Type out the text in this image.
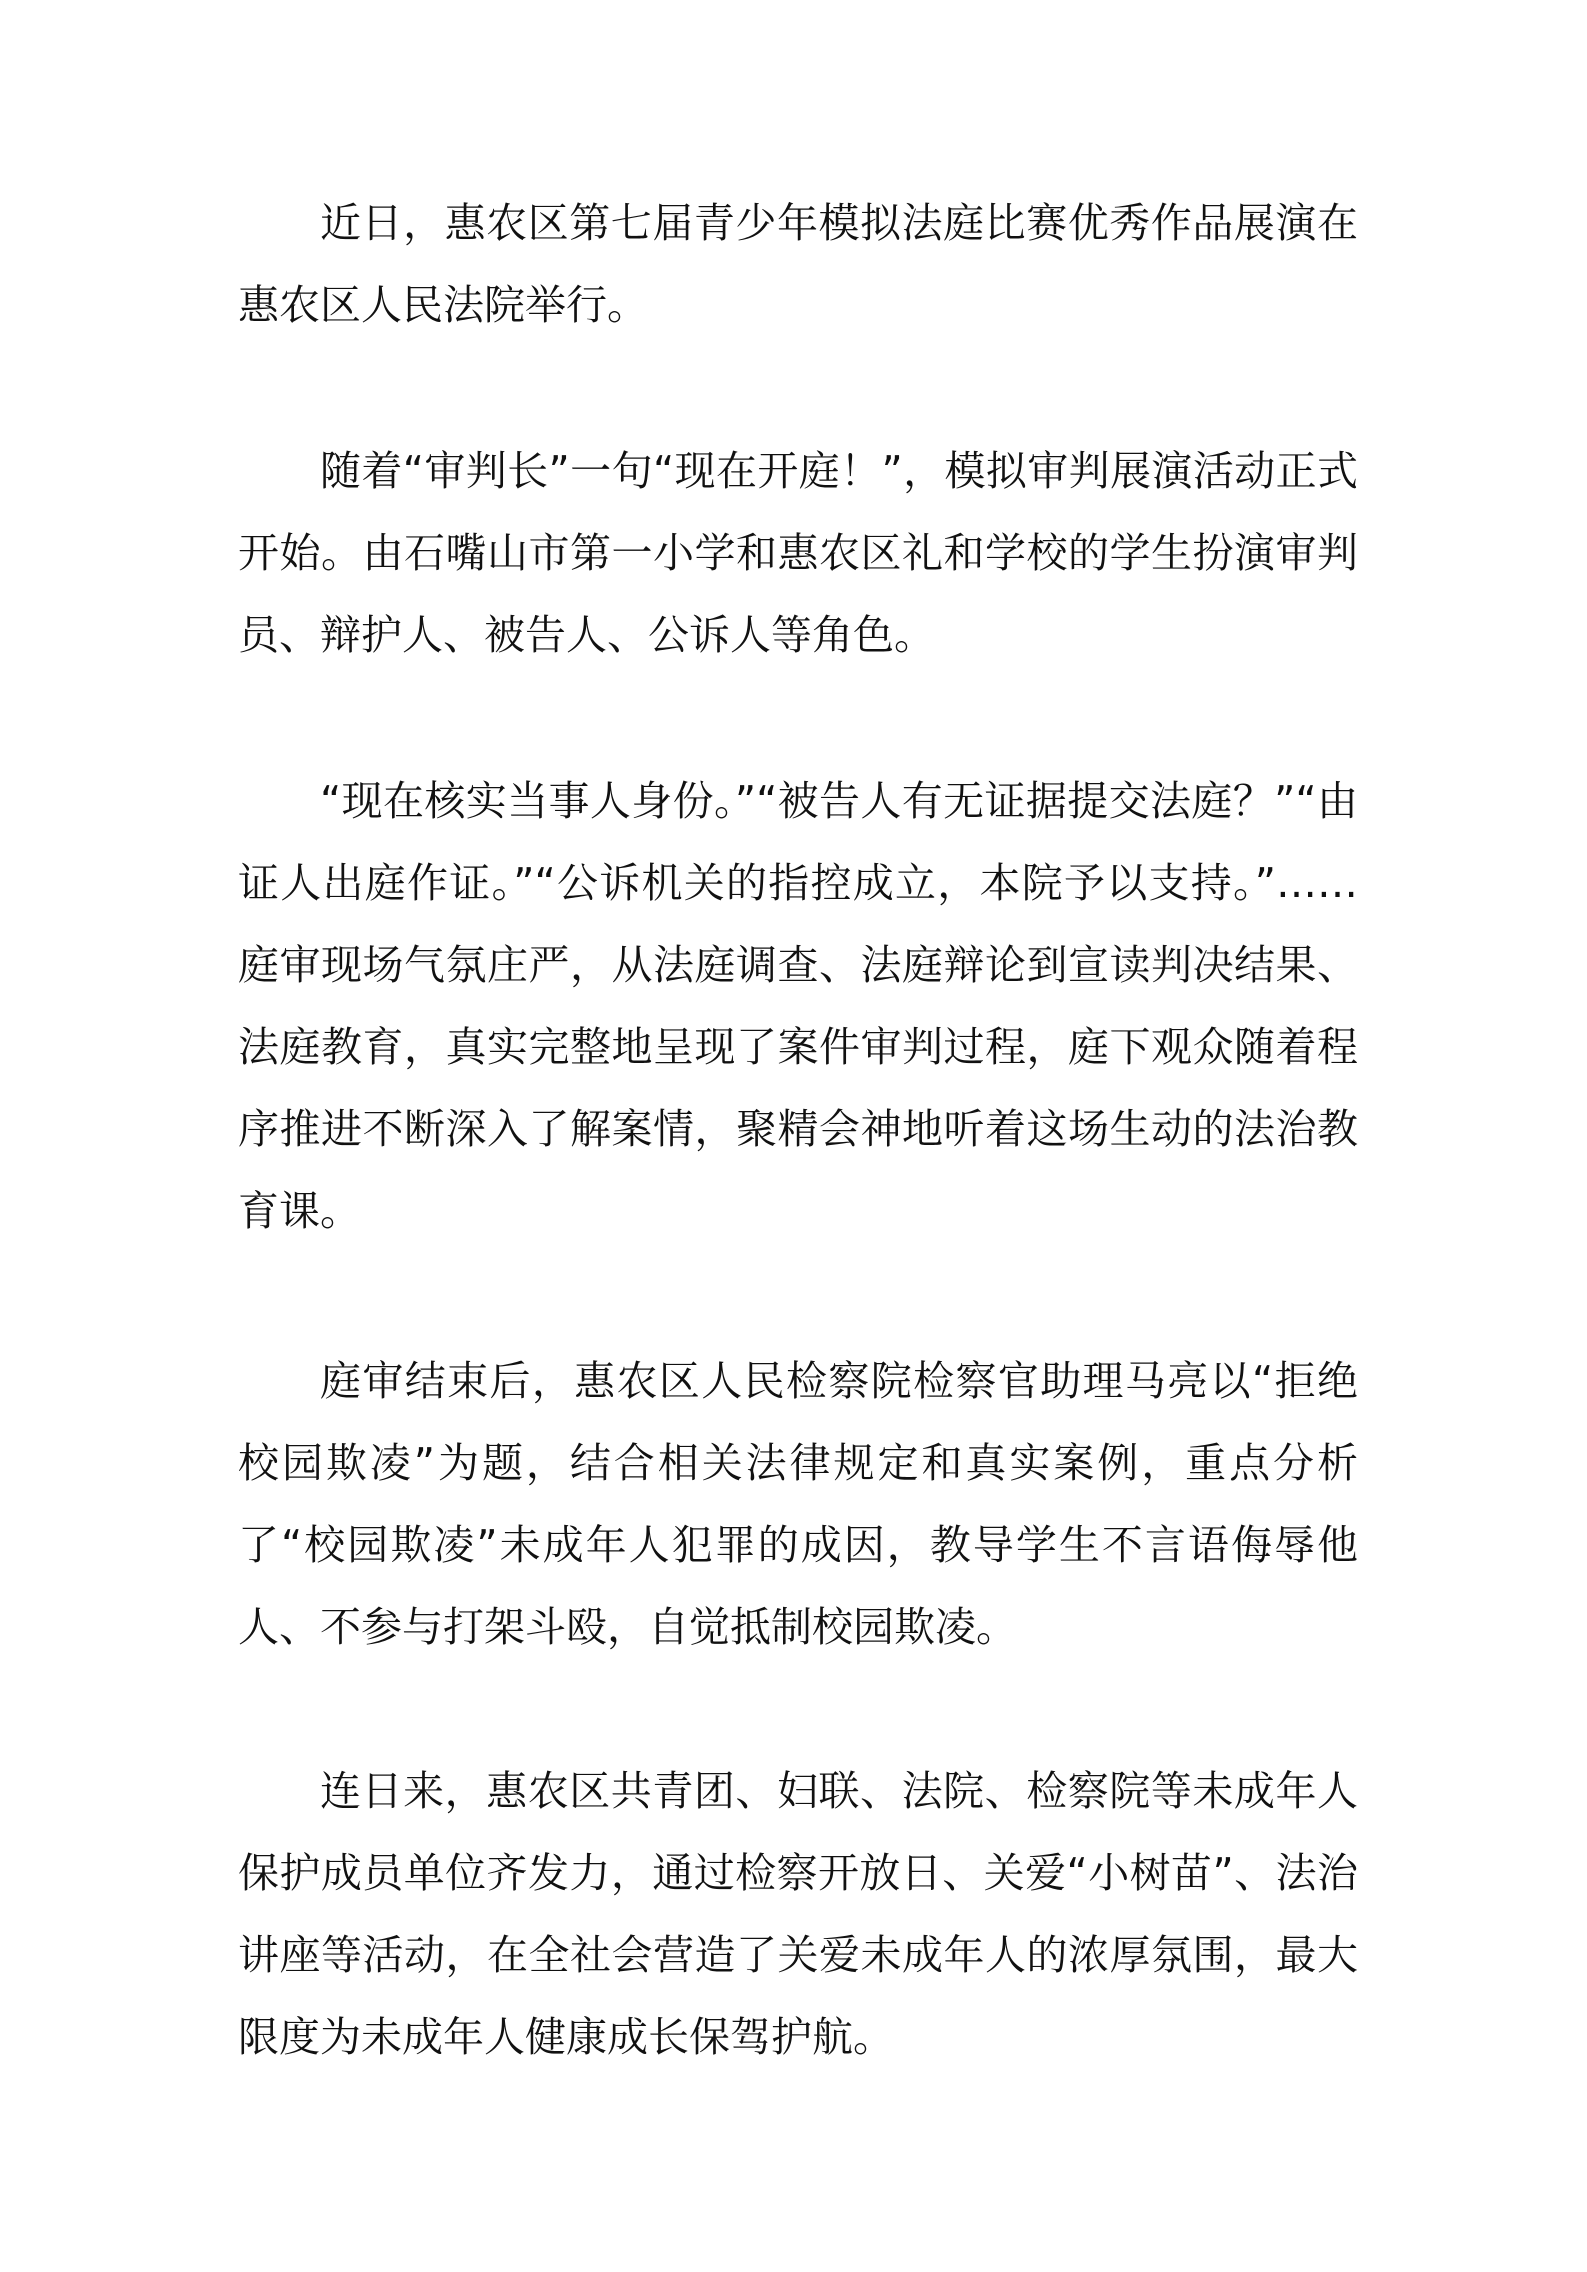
近日，惠农区第七届青少年模拟法庭比赛优秀作品展演在惠农区人民法院举行。

随着“审判长”一句“现在开庭！”，模拟审判展演活动正式开始。由石嘴山市第一小学和惠农区礼和学校的学生扮演审判员、辩护人、被告人、公诉人等角色。

“现在核实当事人身份。”“被告人有无证据提交法庭？”“由证人出庭作证。”“公诉机关的指控成立，本院予以支持。”……庭审现场气氛庄严，从法庭调查、法庭辩论到宣读判决结果、法庭教育，真实完整地呈现了案件审判过程，庭下观众随着程序推进不断深入了解案情，聚精会神地听着这场生动的法治教育课。

庭审结束后，惠农区人民检察院检察官助理马亮以“拒绝校园欺凌”为题，结合相关法律规定和真实案例，重点分析了“校园欺凌”未成年人犯罪的成因，教导学生不言语侮辱他人、不参与打架斗殴，自觉抵制校园欺凌。

连日来，惠农区共青团、妇联、法院、检察院等未成年人保护成员单位齐发力，通过检察开放日、关爱“小树苗”、法治讲座等活动，在全社会营造了关爱未成年人的浓厚氛围，最大限度为未成年人健康成长保驾护航。
